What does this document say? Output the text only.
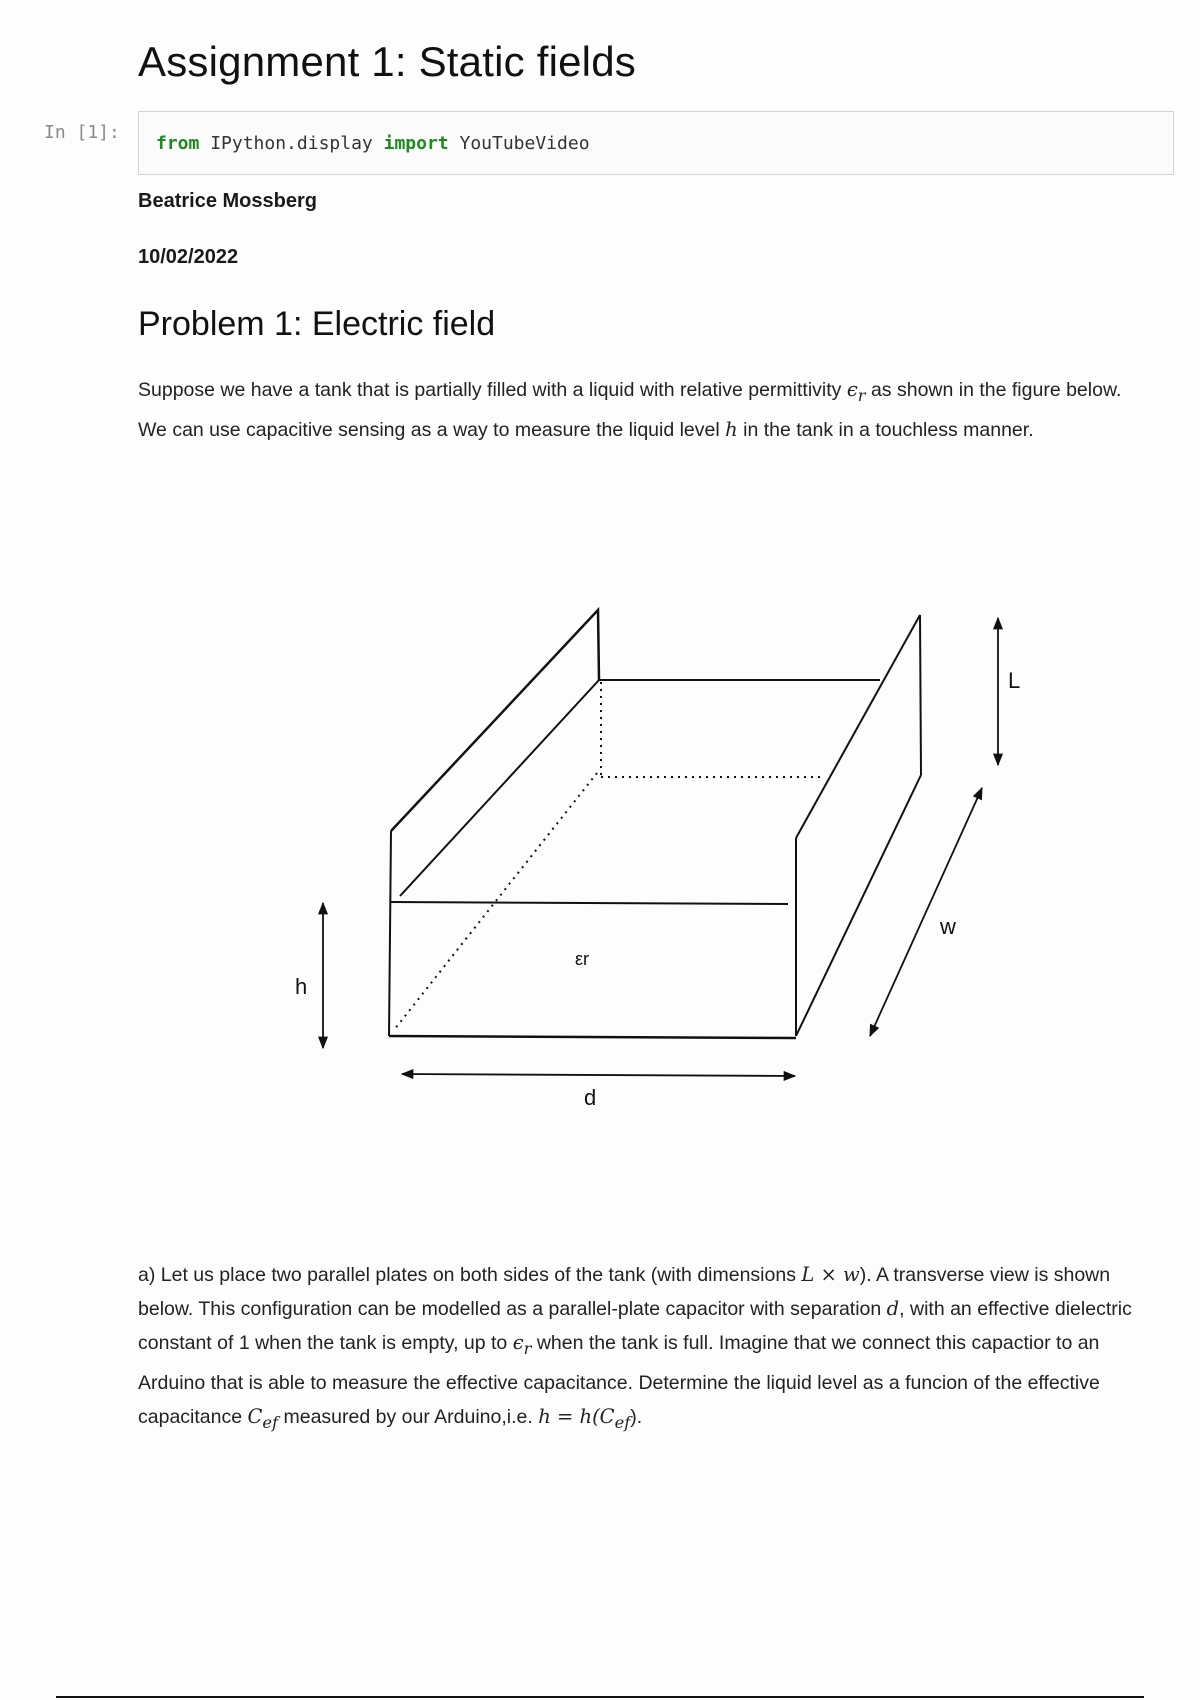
Assignment 1: Static fields
In [1]: from
IPython.display
import
YouTubeVideo
Beatrice Mossberg
10/02/2022
Problem 1: Electric field

Suppose we have a tank that is partially filled with a liquid with relative permittivity $\epsilon_r$ as shown in the figure below. We can use capacitive sensing as a way to measure the liquid level h in the tank in a touchless manner.

L
w
h
d
εr

a) Let us place two parallel plates on both sides of the tank (with dimensions L × w). A transverse view is shown below. This configuration can be modelled as a parallel-plate capacitor with separation d, with an effective dielectric constant of 1 when the tank is empty, up to $\epsilon_r$ when the tank is full. Imagine that we connect this capactior to an Arduino that is able to measure the effective capacitance. Determine the liquid level as a funcion of the effective capacitance $C_{ef}$ measured by our Arduino,i.e. $h = h(C_{ef})$.
